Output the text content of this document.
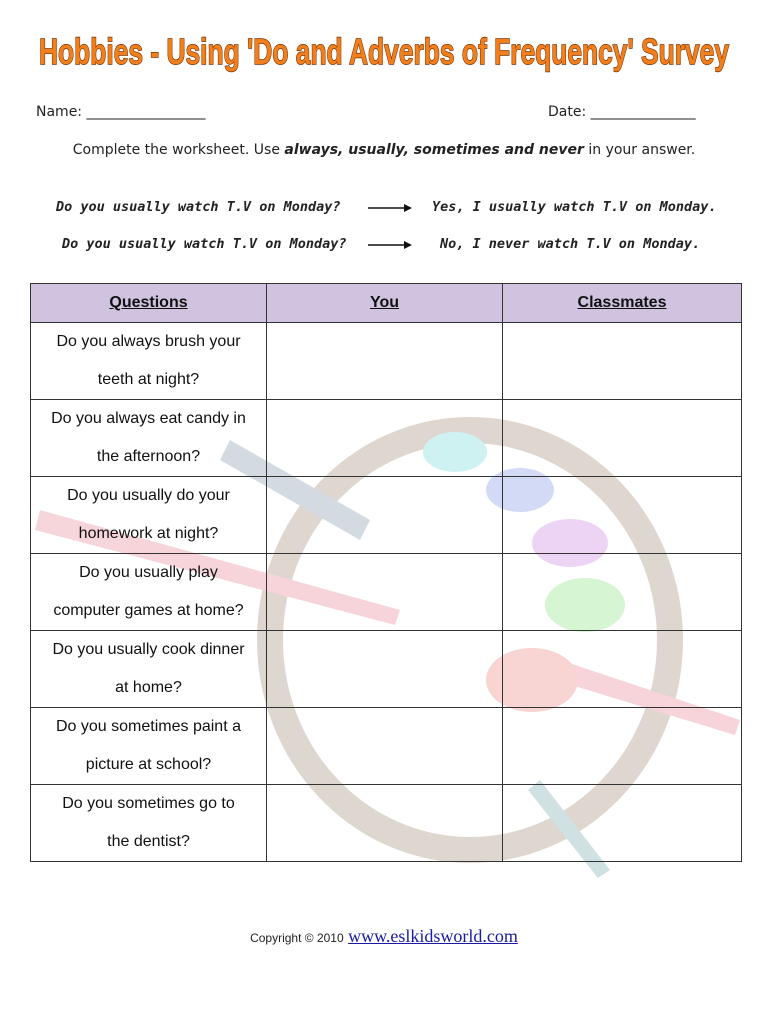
Hobbies - Using 'Do and Adverbs of Frequency' Survey
Name: _________________	Date: _______________
Complete the worksheet. Use always, usually, sometimes and never in your answer.
Do you usually watch T.V on Monday?	Yes, I usually watch T.V on Monday.
Do you usually watch T.V on Monday?	No, I never watch T.V on Monday.
Questions	You	Classmates

Do you always brush your
teeth at night?		

Do you always eat candy in
the afternoon?		

Do you usually do your
homework at night?		

Do you usually play
computer games at home?		

Do you usually cook dinner
at home?		

Do you sometimes paint a
picture at school?		

Do you sometimes go to
the dentist?		

Copyright © 2010 www.eslkidsworld.com
